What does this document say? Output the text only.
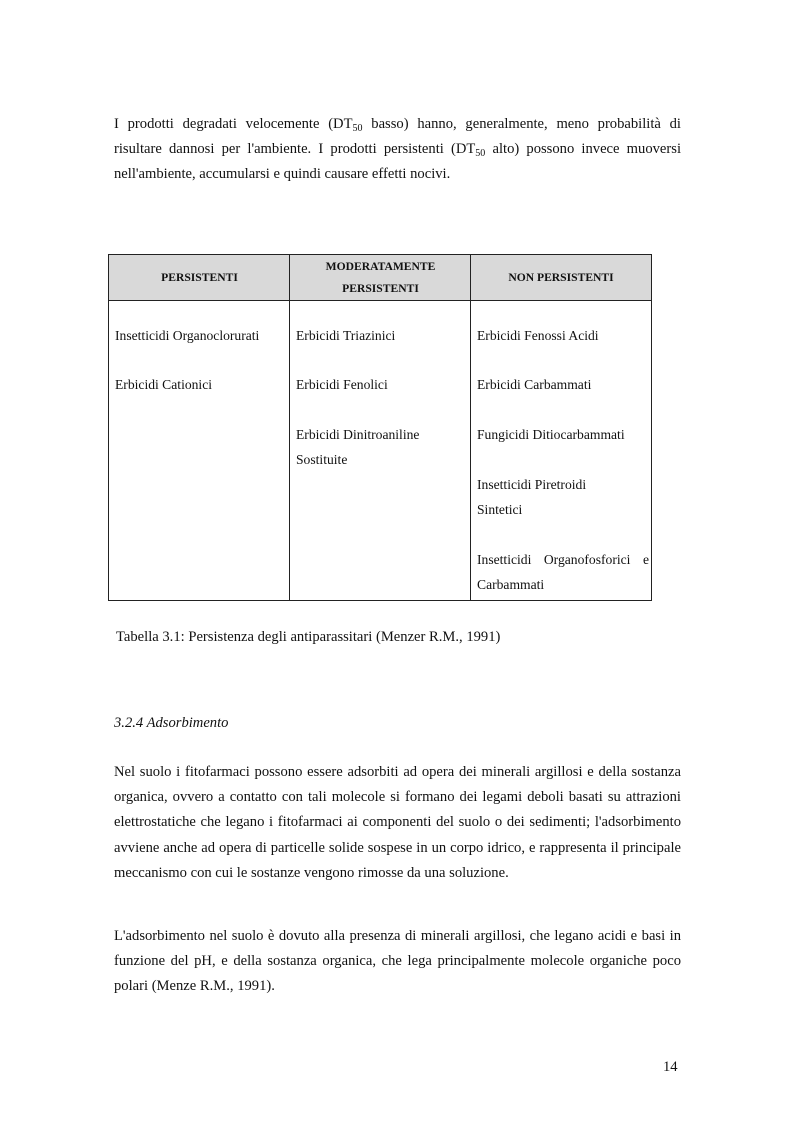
I prodotti degradati velocemente ($DT_{50}$ basso) hanno, generalmente, meno probabilità di risultare dannosi per l'ambiente. I prodotti persistenti ($DT_{50}$ alto) possono invece muoversi nell'ambiente, accumularsi e quindi causare effetti nocivi.

PERSISTENTI
MODERATAMENTE PERSISTENTI
NON PERSISTENTI

Insetticidi Organoclorurati

Erbicidi Cationici

Erbicidi Triazinici

Erbicidi Fenolici

Erbicidi Dinitroaniline Sostituite

Erbicidi Fenossi Acidi

Erbicidi Carbammati

Fungicidi Ditiocarbammati

Insetticidi Piretroidi Sintetici

Insetticidi Organofosforici e Carbammati

Tabella 3.1: Persistenza degli antiparassitari (Menzer R.M., 1991)

3.2.4 Adsorbimento

Nel suolo i fitofarmaci possono essere adsorbiti ad opera dei minerali argillosi e della sostanza organica, ovvero a contatto con tali molecole si formano dei legami deboli basati su attrazioni elettrostatiche che legano i fitofarmaci ai componenti del suolo o dei sedimenti; l'adsorbimento avviene anche ad opera di particelle solide sospese in un corpo idrico, e rappresenta il principale meccanismo con cui le sostanze vengono rimosse da una soluzione.

L'adsorbimento nel suolo è dovuto alla presenza di minerali argillosi, che legano acidi e basi in funzione del pH, e della sostanza organica, che lega principalmente molecole organiche poco polari (Menze R.M., 1991).

14
